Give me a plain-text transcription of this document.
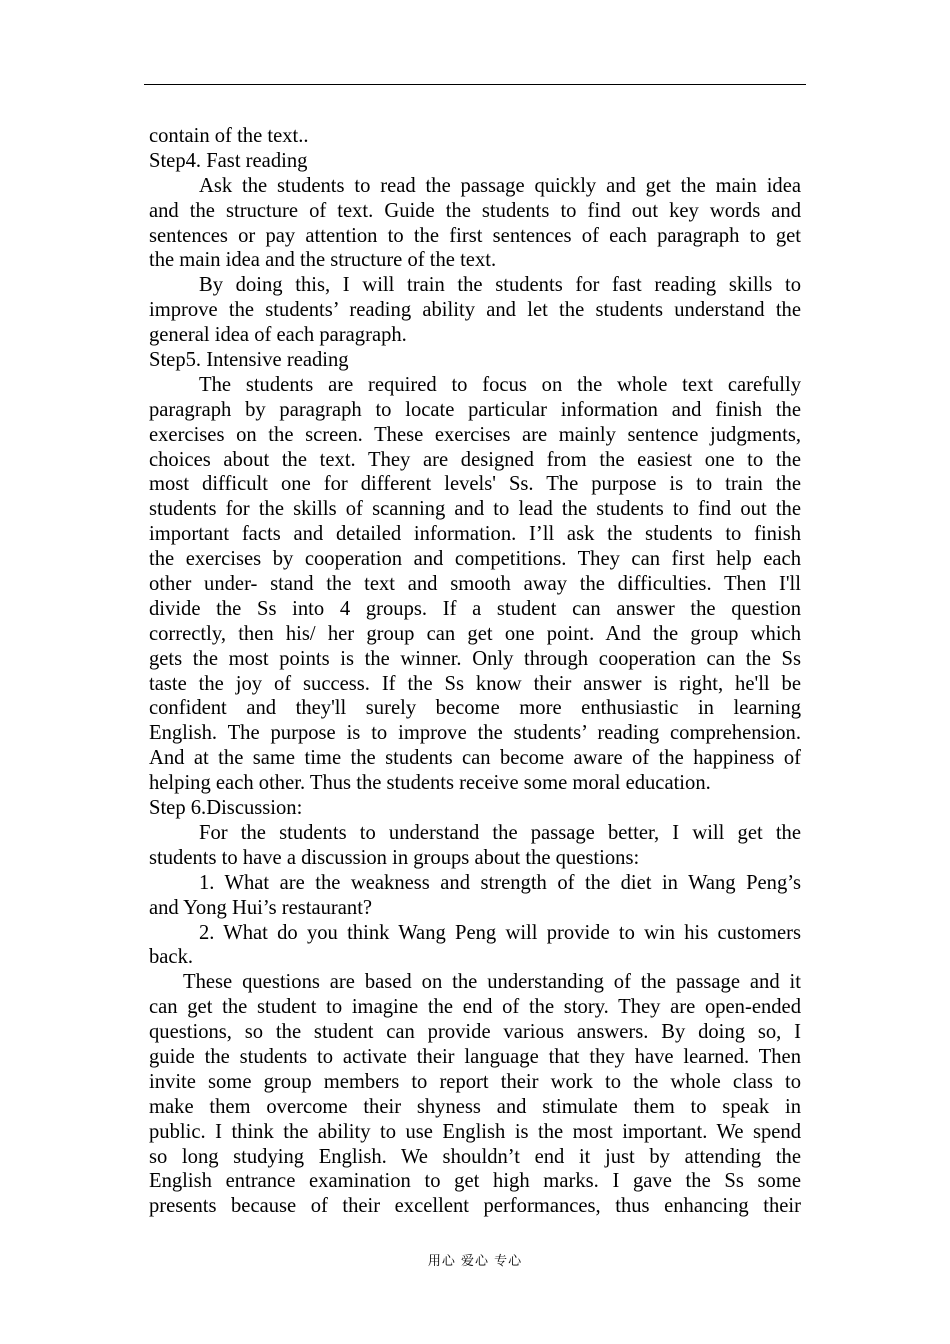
contain of the text..
Step4. Fast reading
Ask the students to read the passage quickly and get the main idea
and the structure of text. Guide the students to find out key words and
sentences or pay attention to the first sentences of each paragraph to get
the main idea and the structure of the text.
By doing this, I will train the students for fast reading skills to
improve the students’ reading ability and let the students understand the
general idea of each paragraph.
Step5. Intensive reading
The students are required to focus on the whole text carefully
paragraph by paragraph to locate particular information and finish the
exercises on the screen. These exercises are mainly sentence judgments,
choices about the text. They are designed from the easiest one to the
most difficult one for different levels' Ss. The purpose is to train the
students for the skills of scanning and to lead the students to find out the
important facts and detailed information. I’ll ask the students to finish
the exercises by cooperation and competitions. They can first help each
other under- stand the text and smooth away the difficulties. Then I'll
divide the Ss into 4 groups. If a student can answer the question
correctly, then his/ her group can get one point. And the group which
gets the most points is the winner. Only through cooperation can the Ss
taste the joy of success. If the Ss know their answer is right, he'll be
confident and they'll surely become more enthusiastic in learning
English. The purpose is to improve the students’ reading comprehension.
And at the same time the students can become aware of the happiness of
helping each other. Thus the students receive some moral education.
Step 6.Discussion:
For the students to understand the passage better, I will get the
students to have a discussion in groups about the questions:
1. What are the weakness and strength of the diet in Wang Peng’s
and Yong Hui’s restaurant?
2. What do you think Wang Peng will provide to win his customers
back.
These questions are based on the understanding of the passage and it
can get the student to imagine the end of the story. They are open-ended
questions, so the student can provide various answers. By doing so, I
guide the students to activate their language that they have learned. Then
invite some group members to report their work to the whole class to
make them overcome their shyness and stimulate them to speak in
public. I think the ability to use English is the most important. We spend
so long studying English. We shouldn’t end it just by attending the
English entrance examination to get high marks. I gave the Ss some
presents because of their excellent performances, thus enhancing their
用心 爱心 专心
